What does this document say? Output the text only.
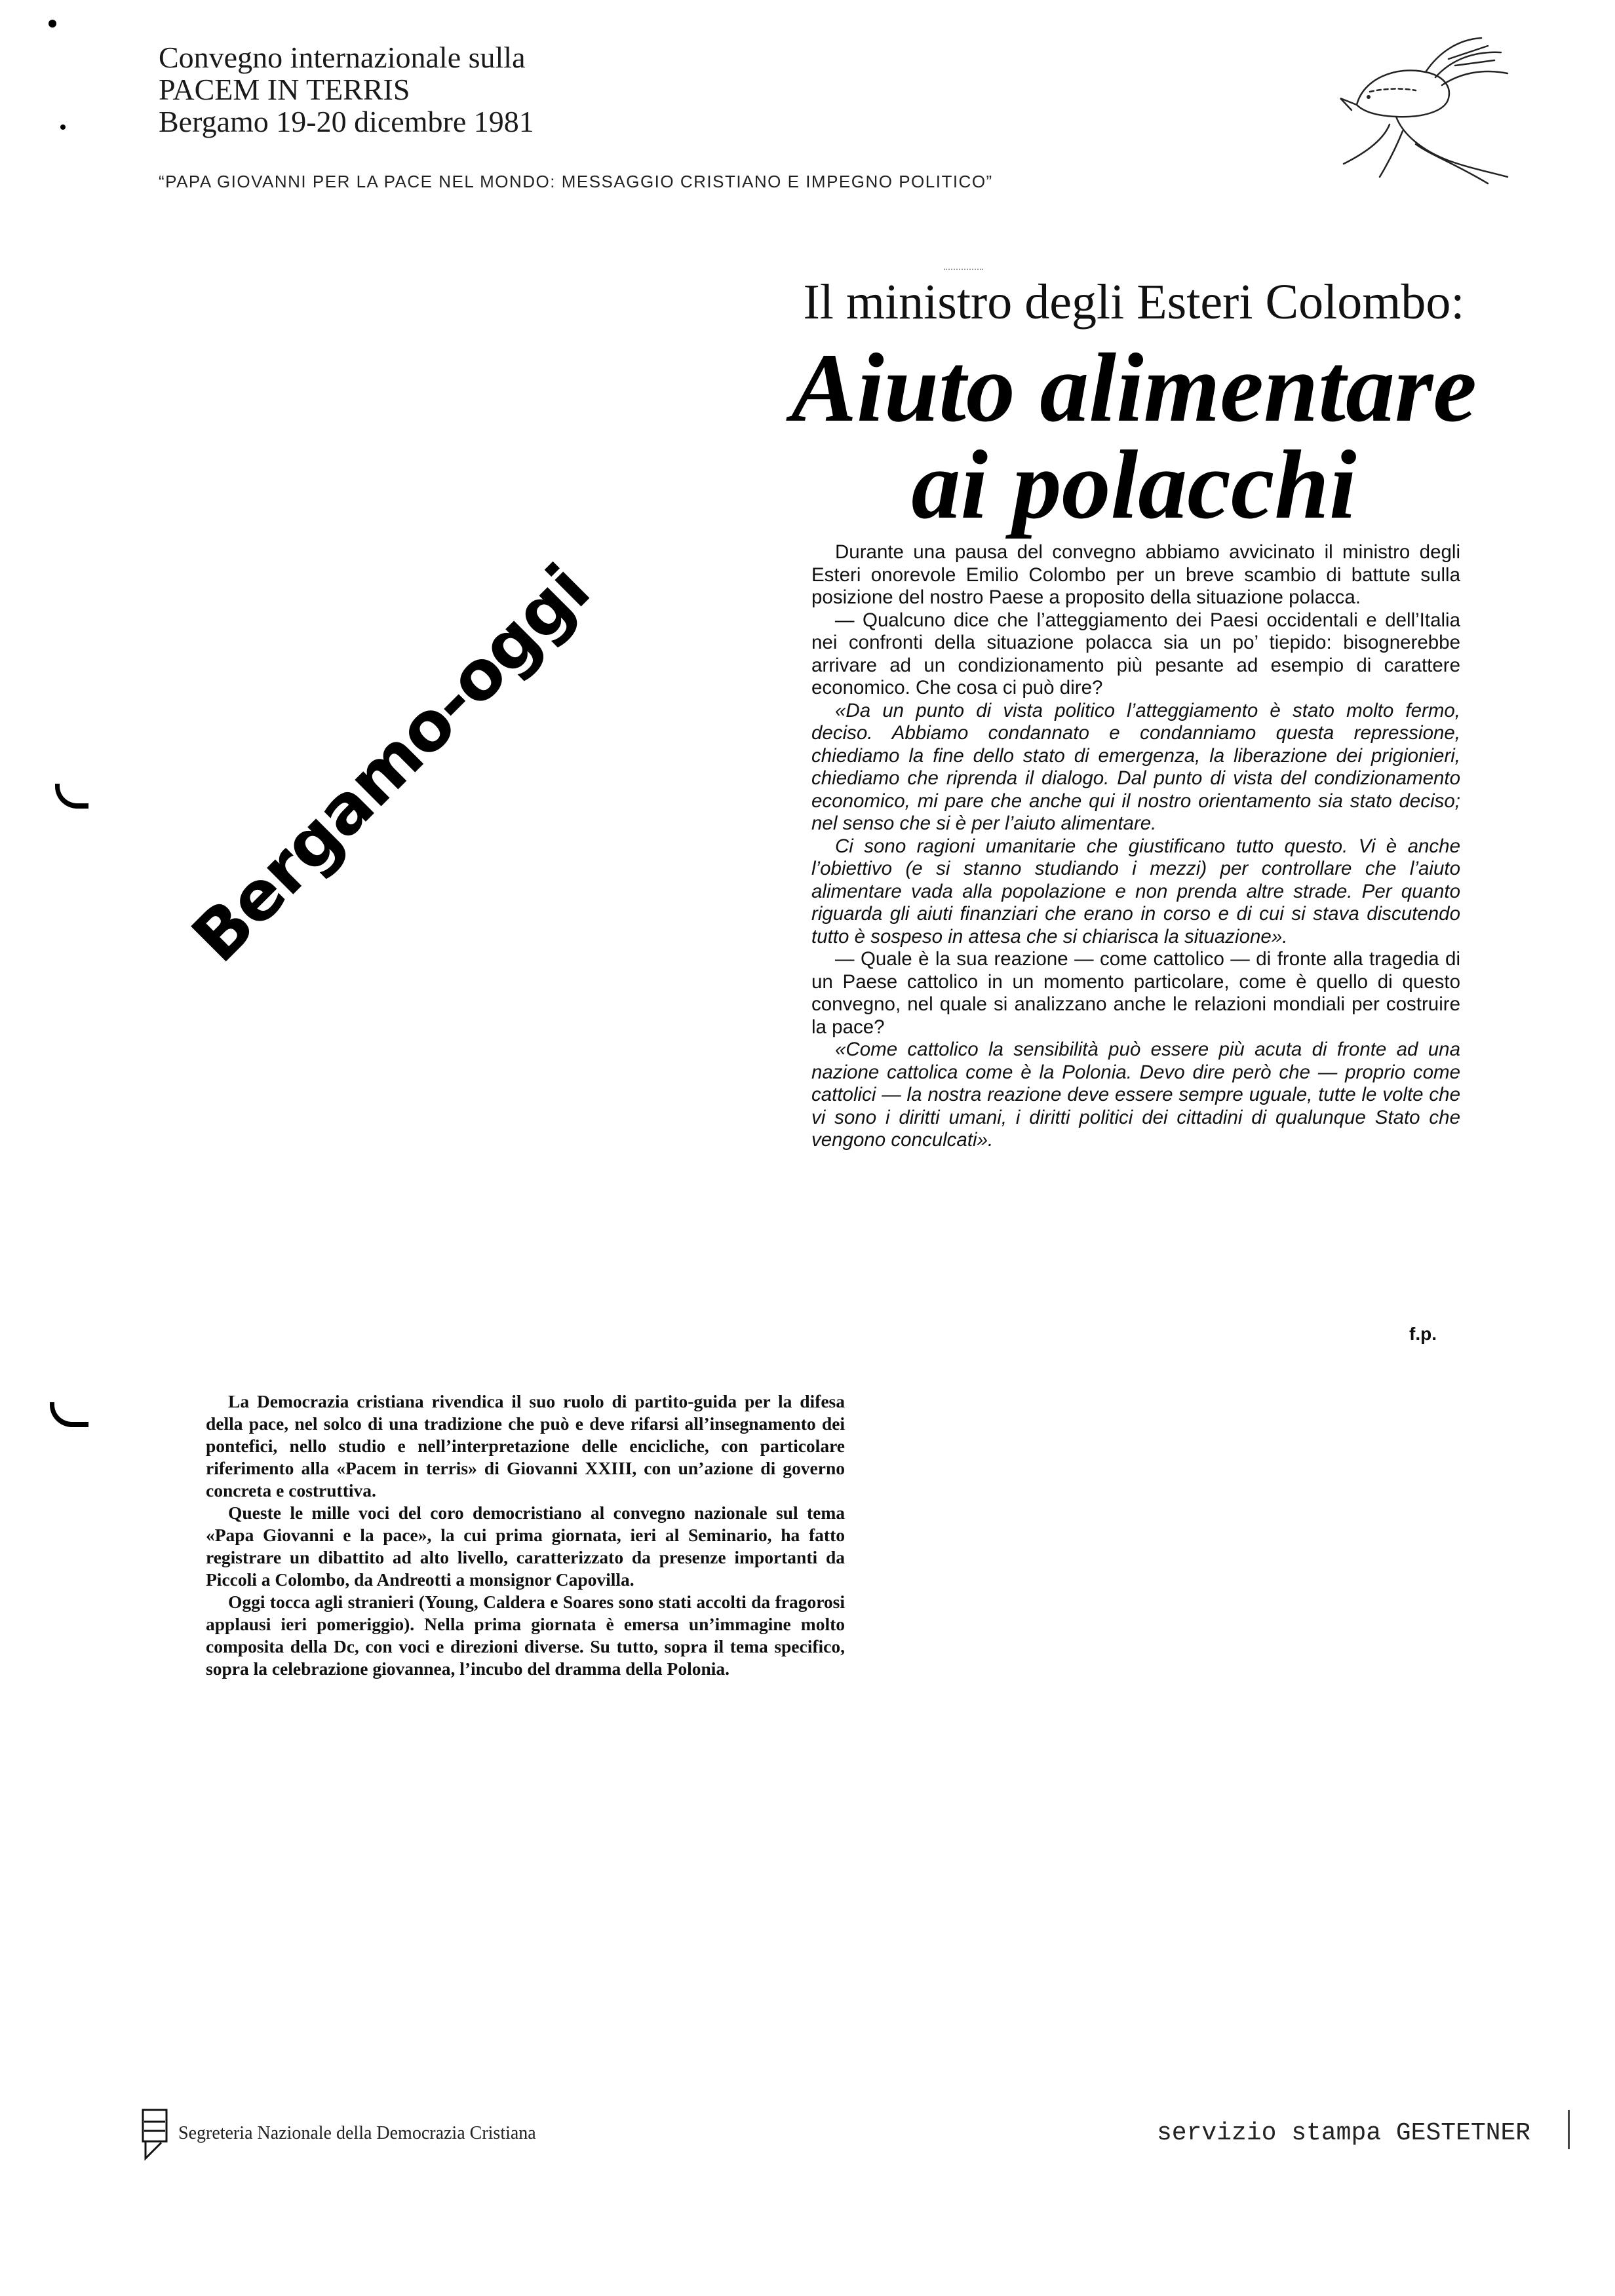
Convegno internazionale sulla
PACEM IN TERRIS
Bergamo 19-20 dicembre 1981
“PAPA GIOVANNI PER LA PACE NEL MONDO: MESSAGGIO CRISTIANO E IMPEGNO POLITICO”
Bergamo-oggi
Il ministro degli Esteri Colombo:
Aiuto alimentare
ai polacchi

Durante una pausa del convegno abbiamo avvicinato il ministro degli Esteri onorevole Emilio Colombo per un breve scambio di battute sulla posizione del nostro Paese a proposito della situazione polacca.

— Qualcuno dice che l’atteggiamento dei Paesi occidentali e dell’Italia nei confronti della situazione polacca sia un po’ tiepido: bisognerebbe arrivare ad un condizionamento più pesante ad esempio di carattere economico. Che cosa ci può dire?

«Da un punto di vista politico l’atteggiamento è stato molto fermo, deciso. Abbiamo condannato e condanniamo questa repressione, chiediamo la fine dello stato di emergenza, la liberazione dei prigionieri, chiediamo che riprenda il dialogo. Dal punto di vista del condizionamento economico, mi pare che anche qui il nostro orientamento sia stato deciso; nel senso che si è per l’aiuto alimentare.

Ci sono ragioni umanitarie che giustificano tutto questo. Vi è anche l’obiettivo (e si stanno studiando i mezzi) per controllare che l’aiuto alimentare vada alla popolazione e non prenda altre strade. Per quanto riguarda gli aiuti finanziari che erano in corso e di cui si stava discutendo tutto è sospeso in attesa che si chiarisca la situazione».

— Quale è la sua reazione — come cattolico — di fronte alla tragedia di un Paese cattolico in un momento particolare, come è quello di questo convegno, nel quale si analizzano anche le relazioni mondiali per costruire la pace?

«Come cattolico la sensibilità può essere più acuta di fronte ad una nazione cattolica come è la Polonia. Devo dire però che — proprio come cattolici — la nostra reazione deve essere sempre uguale, tutte le volte che vi sono i diritti umani, i diritti politici dei cittadini di qualunque Stato che vengono conculcati».

f.p.

La Democrazia cristiana rivendica il suo ruolo di partito-guida per la difesa della pace, nel solco di una tradizione che può e deve rifarsi all’insegnamento dei pontefici, nello studio e nell’interpretazione delle encicliche, con particolare riferimento alla «Pacem in terris» di Giovanni XXIII, con un’azione di governo concreta e costruttiva.

Queste le mille voci del coro democristiano al convegno nazionale sul tema «Papa Giovanni e la pace», la cui prima giornata, ieri al Seminario, ha fatto registrare un dibattito ad alto livello, caratterizzato da presenze importanti da Piccoli a Colombo, da Andreotti a monsignor Capovilla.

Oggi tocca agli stranieri (Young, Caldera e Soares sono stati accolti da fragorosi applausi ieri pomeriggio). Nella prima giornata è emersa un’immagine molto composita della Dc, con voci e direzioni diverse. Su tutto, sopra il tema specifico, sopra la celebrazione giovannea, l’incubo del dramma della Polonia.

Segreteria Nazionale della Democrazia Cristiana	servizio stampa GESTETNER
